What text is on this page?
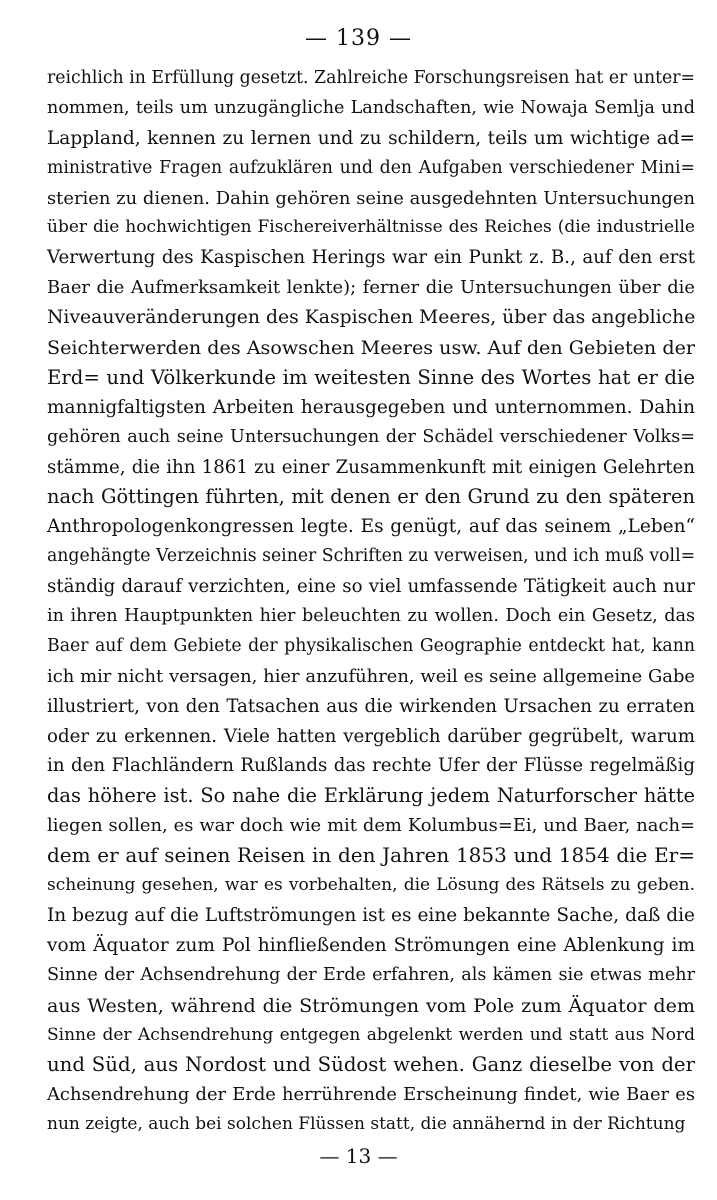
— 139 —
reichlich in Erfüllung gesetzt. Zahlreiche Forschungsreisen hat er unter=
nommen, teils um unzugängliche Landschaften, wie Nowaja Semlja und
Lappland, kennen zu lernen und zu schildern, teils um wichtige ad=
ministrative Fragen aufzuklären und den Aufgaben verschiedener Mini=
sterien zu dienen. Dahin gehören seine ausgedehnten Untersuchungen
über die hochwichtigen Fischereiverhältnisse des Reiches (die industrielle
Verwertung des Kaspischen Herings war ein Punkt z. B., auf den erst
Baer die Aufmerksamkeit lenkte); ferner die Untersuchungen über die
Niveauveränderungen des Kaspischen Meeres, über das angebliche
Seichterwerden des Asowschen Meeres usw. Auf den Gebieten der
Erd= und Völkerkunde im weitesten Sinne des Wortes hat er die
mannigfaltigsten Arbeiten herausgegeben und unternommen. Dahin
gehören auch seine Untersuchungen der Schädel verschiedener Volks=
stämme, die ihn 1861 zu einer Zusammenkunft mit einigen Gelehrten
nach Göttingen führten, mit denen er den Grund zu den späteren
Anthropologenkongressen legte. Es genügt, auf das seinem „Leben“
angehängte Verzeichnis seiner Schriften zu verweisen, und ich muß voll=
ständig darauf verzichten, eine so viel umfassende Tätigkeit auch nur
in ihren Hauptpunkten hier beleuchten zu wollen. Doch ein Gesetz, das
Baer auf dem Gebiete der physikalischen Geographie entdeckt hat, kann
ich mir nicht versagen, hier anzuführen, weil es seine allgemeine Gabe
illustriert, von den Tatsachen aus die wirkenden Ursachen zu erraten
oder zu erkennen. Viele hatten vergeblich darüber gegrübelt, warum
in den Flachländern Rußlands das rechte Ufer der Flüsse regelmäßig
das höhere ist. So nahe die Erklärung jedem Naturforscher hätte
liegen sollen, es war doch wie mit dem Kolumbus=Ei, und Baer, nach=
dem er auf seinen Reisen in den Jahren 1853 und 1854 die Er=
scheinung gesehen, war es vorbehalten, die Lösung des Rätsels zu geben.
In bezug auf die Luftströmungen ist es eine bekannte Sache, daß die
vom Äquator zum Pol hinfließenden Strömungen eine Ablenkung im
Sinne der Achsendrehung der Erde erfahren, als kämen sie etwas mehr
aus Westen, während die Strömungen vom Pole zum Äquator dem
Sinne der Achsendrehung entgegen abgelenkt werden und statt aus Nord
und Süd, aus Nordost und Südost wehen. Ganz dieselbe von der
Achsendrehung der Erde herrührende Erscheinung findet, wie Baer es
nun zeigte, auch bei solchen Flüssen statt, die annähernd in der Richtung
— 13 —
